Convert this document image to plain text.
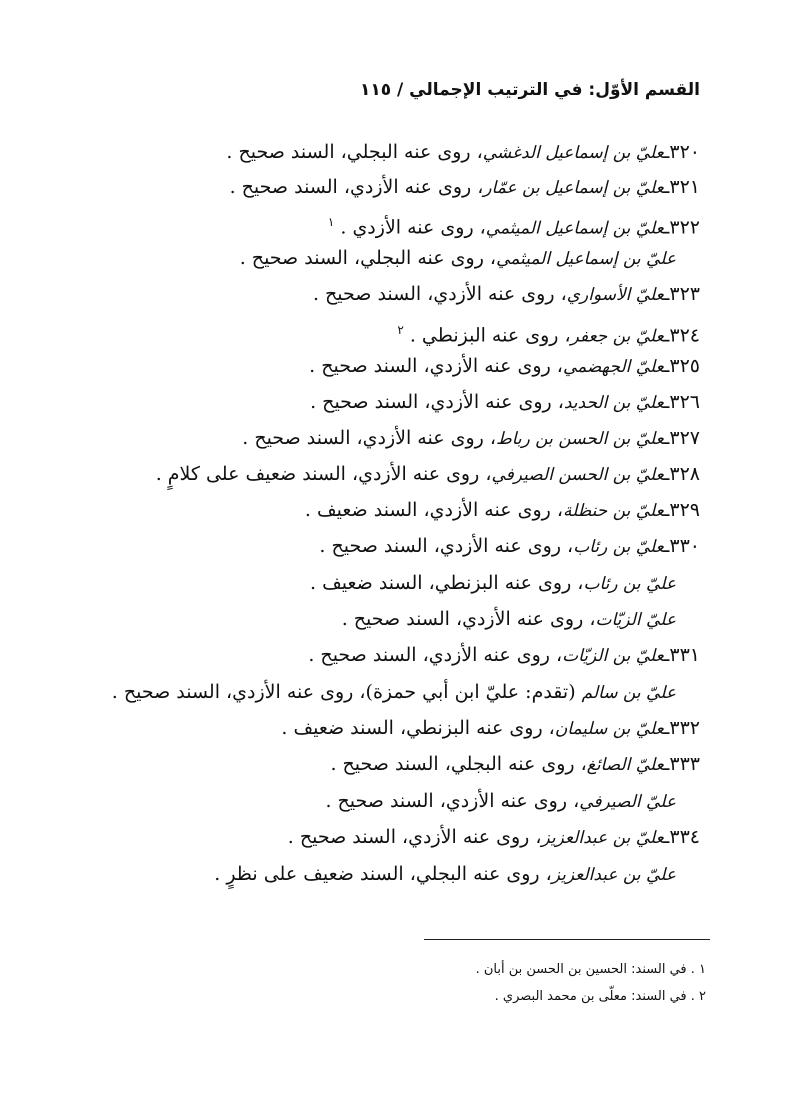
القسم الأوّل: في الترتيب الإجمالي / ١١٥
٣٢٠ـعليّ بن إسماعيل الدغشي، روى عنه البجلي، السند صحيح .
٣٢١ـعليّ بن إسماعيل بن عمّار، روى عنه الأزدي، السند صحيح .
٣٢٢ـعليّ بن إسماعيل الميثمي، روى عنه الأزدي .$^١$
عليّ بن إسماعيل الميثمي، روى عنه البجلي، السند صحيح .
٣٢٣ـعليّ الأسواري، روى عنه الأزدي، السند صحيح .
٣٢٤ـعليّ بن جعفر، روى عنه البزنطي .$^٢$
٣٢٥ـعليّ الجهضمي، روى عنه الأزدي، السند صحيح .
٣٢٦ـعليّ بن الحديد، روى عنه الأزدي، السند صحيح .
٣٢٧ـعليّ بن الحسن بن رباط، روى عنه الأزدي، السند صحيح .
٣٢٨ـعليّ بن الحسن الصيرفي، روى عنه الأزدي، السند ضعيف على كلامٍ .
٣٢٩ـعليّ بن حنظلة، روى عنه الأزدي، السند ضعيف .
٣٣٠ـعليّ بن رئاب، روى عنه الأزدي، السند صحيح .
عليّ بن رئاب، روى عنه البزنطي، السند ضعيف .
عليّ الزيّات، روى عنه الأزدي، السند صحيح .
٣٣١ـعليّ بن الزيّات، روى عنه الأزدي، السند صحيح .
عليّ بن سالم (تقدم: عليّ ابن أبي حمزة)، روى عنه الأزدي، السند صحيح .
٣٣٢ـعليّ بن سليمان، روى عنه البزنطي، السند ضعيف .
٣٣٣ـعليّ الصائغ، روى عنه البجلي، السند صحيح .
عليّ الصيرفي، روى عنه الأزدي، السند صحيح .
٣٣٤ـعليّ بن عبدالعزيز، روى عنه الأزدي، السند صحيح .
عليّ بن عبدالعزيز، روى عنه البجلي، السند ضعيف على نظرٍ .
١ . في السند: الحسين بن الحسن بن أبان .
٢ . في السند: معلّى بن محمد البصري .
